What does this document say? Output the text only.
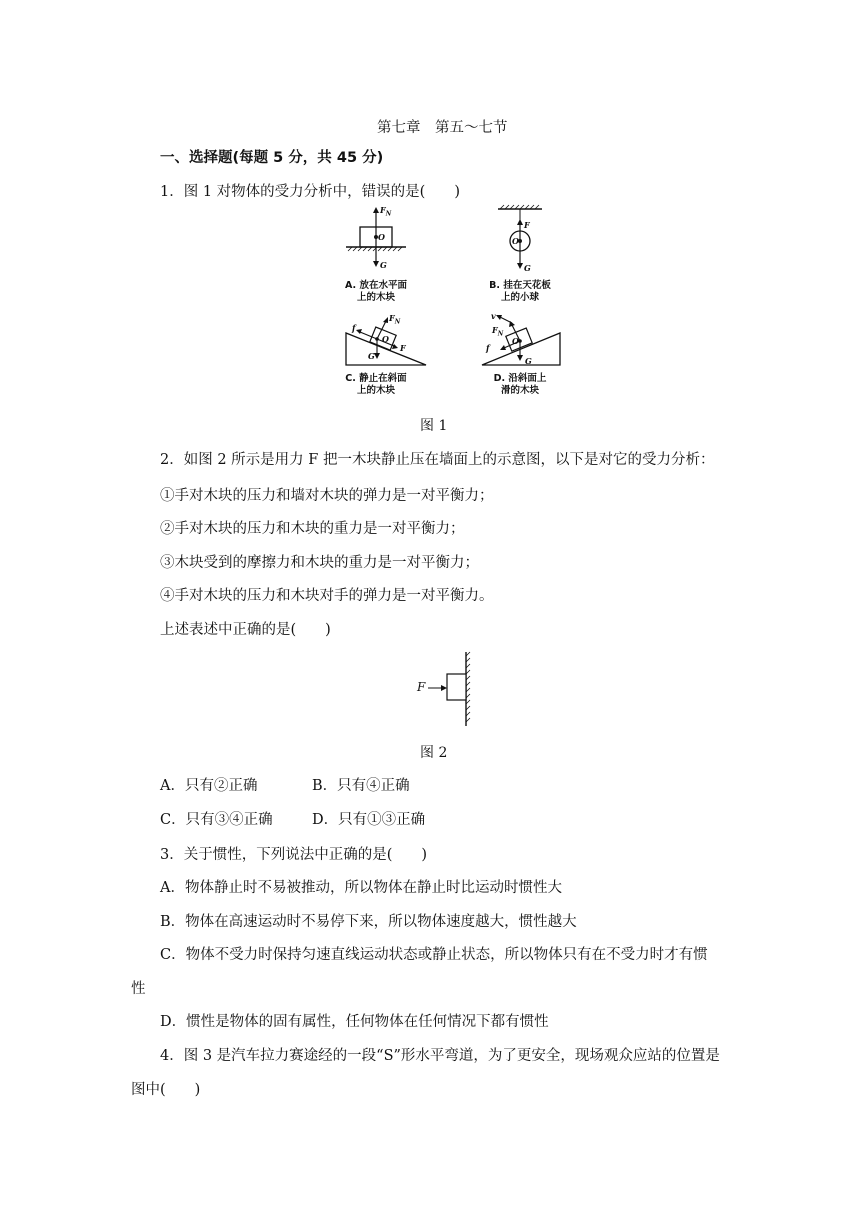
第七章　第五～七节
一、选择题(每题 5 分，共 45 分)
1．图 1 对物体的受力分析中，错误的是(　　)
$F_N$
O
G
A. 放在水平面
上的木块
F
O
G
B. 挂在天花板
上的小球
f
$F_N$
O
G
F
C. 静止在斜面
上的木块
v
$F_N$
f
O
G
D. 沿斜面上
滑的木块
图 1
2．如图 2 所示是用力 F 把一木块静止压在墙面上的示意图，以下是对它的受力分析：
①手对木块的压力和墙对木块的弹力是一对平衡力；
②手对木块的压力和木块的重力是一对平衡力；
③木块受到的摩擦力和木块的重力是一对平衡力；
④手对木块的压力和木块对手的弹力是一对平衡力。
上述表述中正确的是(　　)
F
图 2
A．只有②正确	B．只有④正确
C．只有③④正确	D．只有①③正确
3．关于惯性，下列说法中正确的是(　　)
A．物体静止时不易被推动，所以物体在静止时比运动时惯性大
B．物体在高速运动时不易停下来，所以物体速度越大，惯性越大
C．物体不受力时保持匀速直线运动状态或静止状态，所以物体只有在不受力时才有惯
性
D．惯性是物体的固有属性，任何物体在任何情况下都有惯性
4．图 3 是汽车拉力赛途经的一段“S”形水平弯道，为了更安全，现场观众应站的位置是
图中(　　)
